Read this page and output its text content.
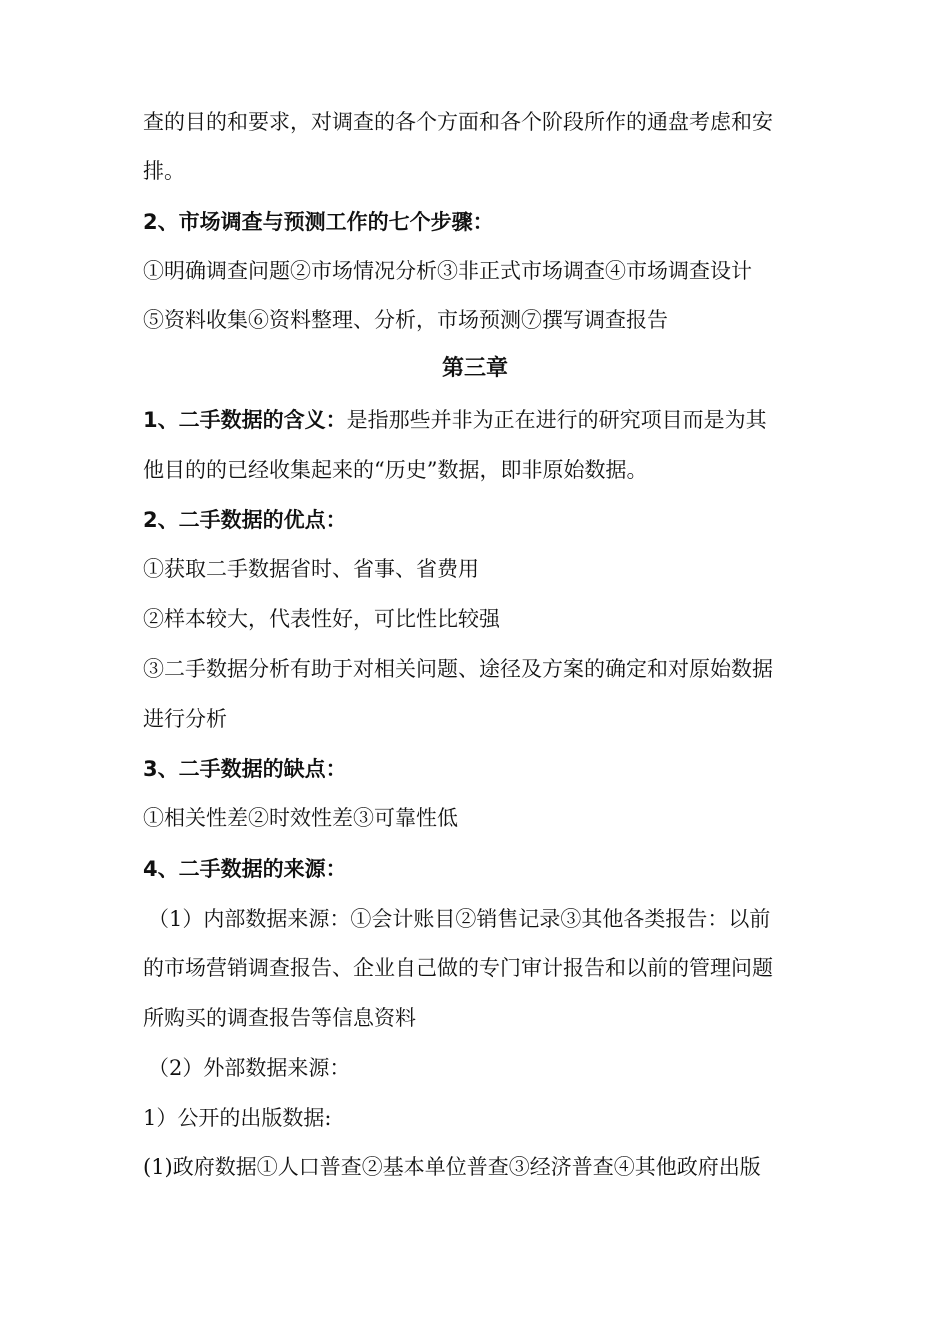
查的目的和要求，对调查的各个方面和各个阶段所作的通盘考虑和安
排。
2、市场调查与预测工作的七个步骤：
①明确调查问题②市场情况分析③非正式市场调查④市场调查设计
⑤资料收集⑥资料整理、分析，市场预测⑦撰写调查报告
第三章
1、二手数据的含义：是指那些并非为正在进行的研究项目而是为其
他目的的已经收集起来的“历史”数据，即非原始数据。
2、二手数据的优点：
①获取二手数据省时、省事、省费用
②样本较大，代表性好，可比性比较强
③二手数据分析有助于对相关问题、途径及方案的确定和对原始数据
进行分析
3、二手数据的缺点：
①相关性差②时效性差③可靠性低
4、二手数据的来源：
（1）内部数据来源：①会计账目②销售记录③其他各类报告：以前
的市场营销调查报告、企业自己做的专门审计报告和以前的管理问题
所购买的调查报告等信息资料
（2）外部数据来源：
1）公开的出版数据:
(1)政府数据①人口普查②基本单位普查③经济普查④其他政府出版
